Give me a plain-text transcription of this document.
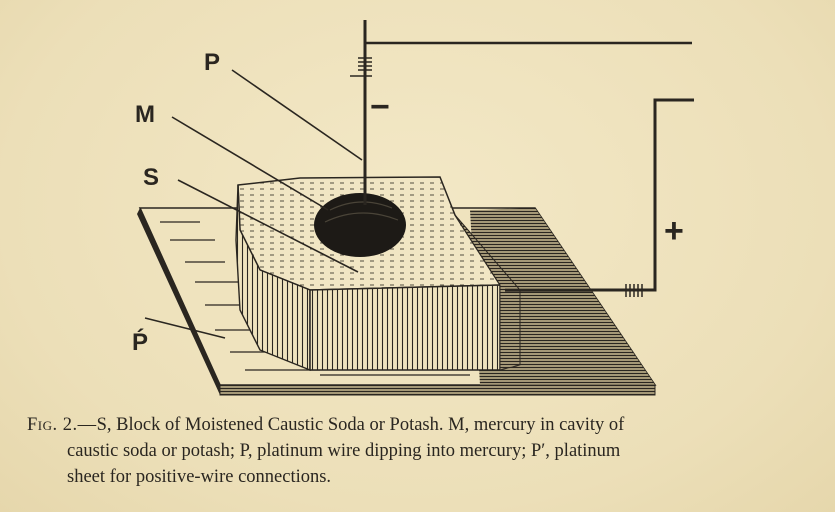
P
M
S
Ṕ
−
+
Fig. 2.—S, Block of Moistened Caustic Soda or Potash. M, mercury in cavity of
caustic soda or potash; P, platinum wire dipping into mercury; P′, platinum
sheet for positive-wire connections.
